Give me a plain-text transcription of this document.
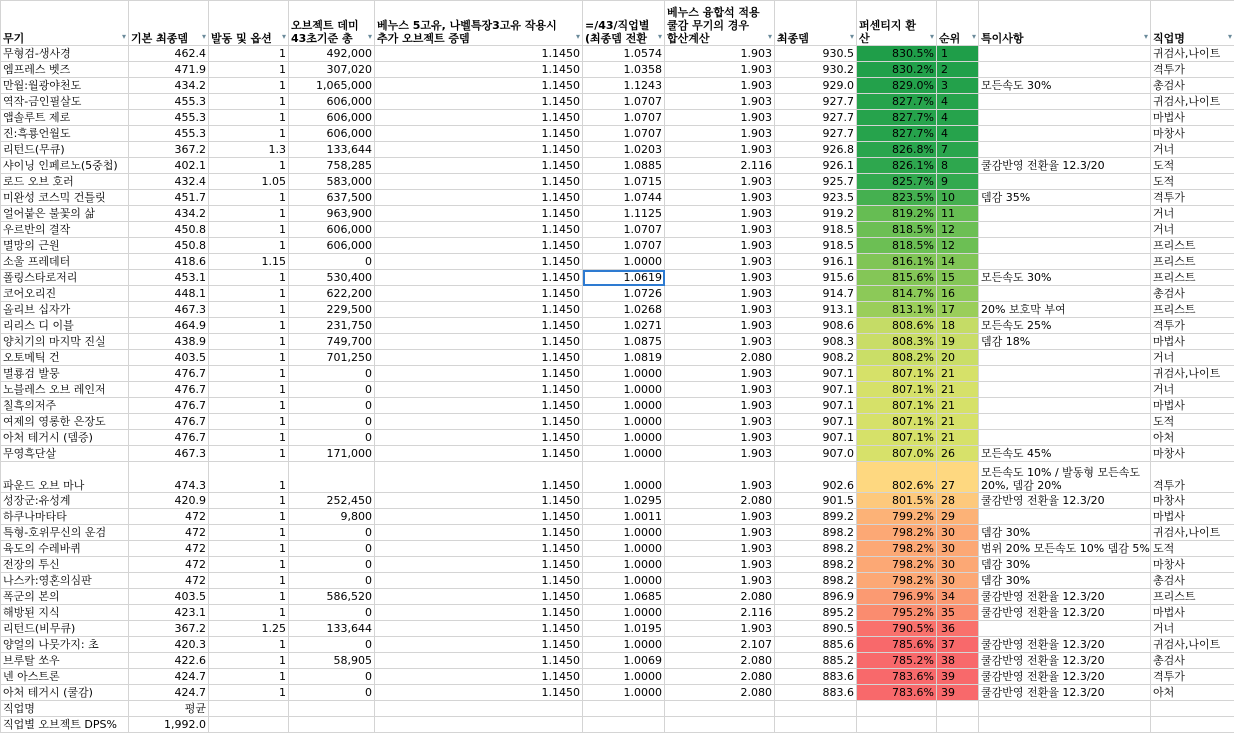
무기 ▾	기본 최종뎀 ▾	발동 및 옵션 ▾	오브젝트 데미 43초기준 총 ▾	베누스 5고유, 나벨특장3고유 작용시 추가 오브젝트 증뎀 ▾	=/43/직업별 (최종뎀 전환 ▾	베누스 융합석 적용 쿨감 무기의 경우 합산계산 ▾	최종뎀 ▾	퍼센티지 환산 ▾	순위 ▾	특이사항 ▾	직업명 ▾

무형검-생사경	462.4	1	492,000	1.1450	1.0574	1.903	930.5	830.5%	1		귀검사,나이트
엠프레스 벳즈	471.9	1	307,020	1.1450	1.0358	1.903	930.2	830.2%	2		격투가
만월:월광야천도	434.2	1	1,065,000	1.1450	1.1243	1.903	929.0	829.0%	3	모든속도 30%	총검사
역작-금인필살도	455.3	1	606,000	1.1450	1.0707	1.903	927.7	827.7%	4		귀검사,나이트
앱솔루트 제로	455.3	1	606,000	1.1450	1.0707	1.903	927.7	827.7%	4		마법사
진:흑룡언월도	455.3	1	606,000	1.1450	1.0707	1.903	927.7	827.7%	4		마창사
리턴드(무큐)	367.2	1.3	133,644	1.1450	1.0203	1.903	926.8	826.8%	7		거너
샤이닝 인페르노(5중첩)	402.1	1	758,285	1.1450	1.0885	2.116	926.1	826.1%	8	쿨감반영 전환율 12.3/20	도적
로드 오브 호러	432.4	1.05	583,000	1.1450	1.0715	1.903	925.7	825.7%	9		도적
미완성 코스믹 건틀릿	451.7	1	637,500	1.1450	1.0744	1.903	923.5	823.5%	10	뎀감 35%	격투가
얼어붙은 불꽃의 삶	434.2	1	963,900	1.1450	1.1125	1.903	919.2	819.2%	11		거너
우르반의 결작	450.8	1	606,000	1.1450	1.0707	1.903	918.5	818.5%	12		거너
멸망의 근원	450.8	1	606,000	1.1450	1.0707	1.903	918.5	818.5%	12		프리스트
소울 프레데터	418.6	1.15	0	1.1450	1.0000	1.903	916.1	816.1%	14		프리스트
폴링스타로저리	453.1	1	530,400	1.1450	1.0619	1.903	915.6	815.6%	15	모든속도 30%	프리스트
코어오리진	448.1	1	622,200	1.1450	1.0726	1.903	914.7	814.7%	16		총검사
올리브 십자가	467.3	1	229,500	1.1450	1.0268	1.903	913.1	813.1%	17	20% 보호막 부여	프리스트
리리스 디 이블	464.9	1	231,750	1.1450	1.0271	1.903	908.6	808.6%	18	모든속도 25%	격투가
양치기의 마지막 진실	438.9	1	749,700	1.1450	1.0875	1.903	908.3	808.3%	19	뎀감 18%	마법사
오토메틱 건	403.5	1	701,250	1.1450	1.0819	2.080	908.2	808.2%	20		거너
멸룡검 발뭉	476.7	1	0	1.1450	1.0000	1.903	907.1	807.1%	21		귀검사,나이트
노블레스 오브 레인저	476.7	1	0	1.1450	1.0000	1.903	907.1	807.1%	21		거너
칠흑의저주	476.7	1	0	1.1450	1.0000	1.903	907.1	807.1%	21		마법사
여제의 영롱한 은장도	476.7	1	0	1.1450	1.0000	1.903	907.1	807.1%	21		도적
아처 테거시 (뎀증)	476.7	1	0	1.1450	1.0000	1.903	907.1	807.1%	21		아처
무영흑단살	467.3	1	171,000	1.1450	1.0000	1.903	907.0	807.0%	26	모든속도 45%	마창사
파운드 오브 마나	474.3	1		1.1450	1.0000	1.903	902.6	802.6%	27	모든속도 10% / 발동형 모든속도 20%, 뎀감 20%	격투가
성장군:유성계	420.9	1	252,450	1.1450	1.0295	2.080	901.5	801.5%	28	쿨감반영 전환율 12.3/20	마창사
하쿠나마타타	472	1	9,800	1.1450	1.0011	1.903	899.2	799.2%	29		마법사
특형-호위무신의 운검	472	1	0	1.1450	1.0000	1.903	898.2	798.2%	30	뎀감 30%	귀검사,나이트
육도의 수레바퀴	472	1	0	1.1450	1.0000	1.903	898.2	798.2%	30	범위 20% 모든속도 10% 뎀감 5%	도적
전장의 투신	472	1	0	1.1450	1.0000	1.903	898.2	798.2%	30	뎀감 30%	마창사
나스카:영혼의심판	472	1	0	1.1450	1.0000	1.903	898.2	798.2%	30	뎀감 30%	총검사
폭군의 본의	403.5	1	586,520	1.1450	1.0685	2.080	896.9	796.9%	34	쿨감반영 전환율 12.3/20	프리스트
해방된 지식	423.1	1	0	1.1450	1.0000	2.116	895.2	795.2%	35	쿨감반영 전환율 12.3/20	마법사
리턴드(비무큐)	367.2	1.25	133,644	1.1450	1.0195	1.903	890.5	790.5%	36		거너
양얼의 나뭇가지: 초	420.3	1	0	1.1450	1.0000	2.107	885.6	785.6%	37	쿨감반영 전환율 12.3/20	귀검사,나이트
브루탈 쏘우	422.6	1	58,905	1.1450	1.0069	2.080	885.2	785.2%	38	쿨감반영 전환율 12.3/20	총검사
넨 아스트론	424.7	1	0	1.1450	1.0000	2.080	883.6	783.6%	39	쿨감반영 전환율 12.3/20	격투가
아처 테거시 (쿨감)	424.7	1	0	1.1450	1.0000	2.080	883.6	783.6%	39	쿨감반영 전환율 12.3/20	아처
직업명	평균										
직업별 오브젝트 DPS%	1,992.0										
